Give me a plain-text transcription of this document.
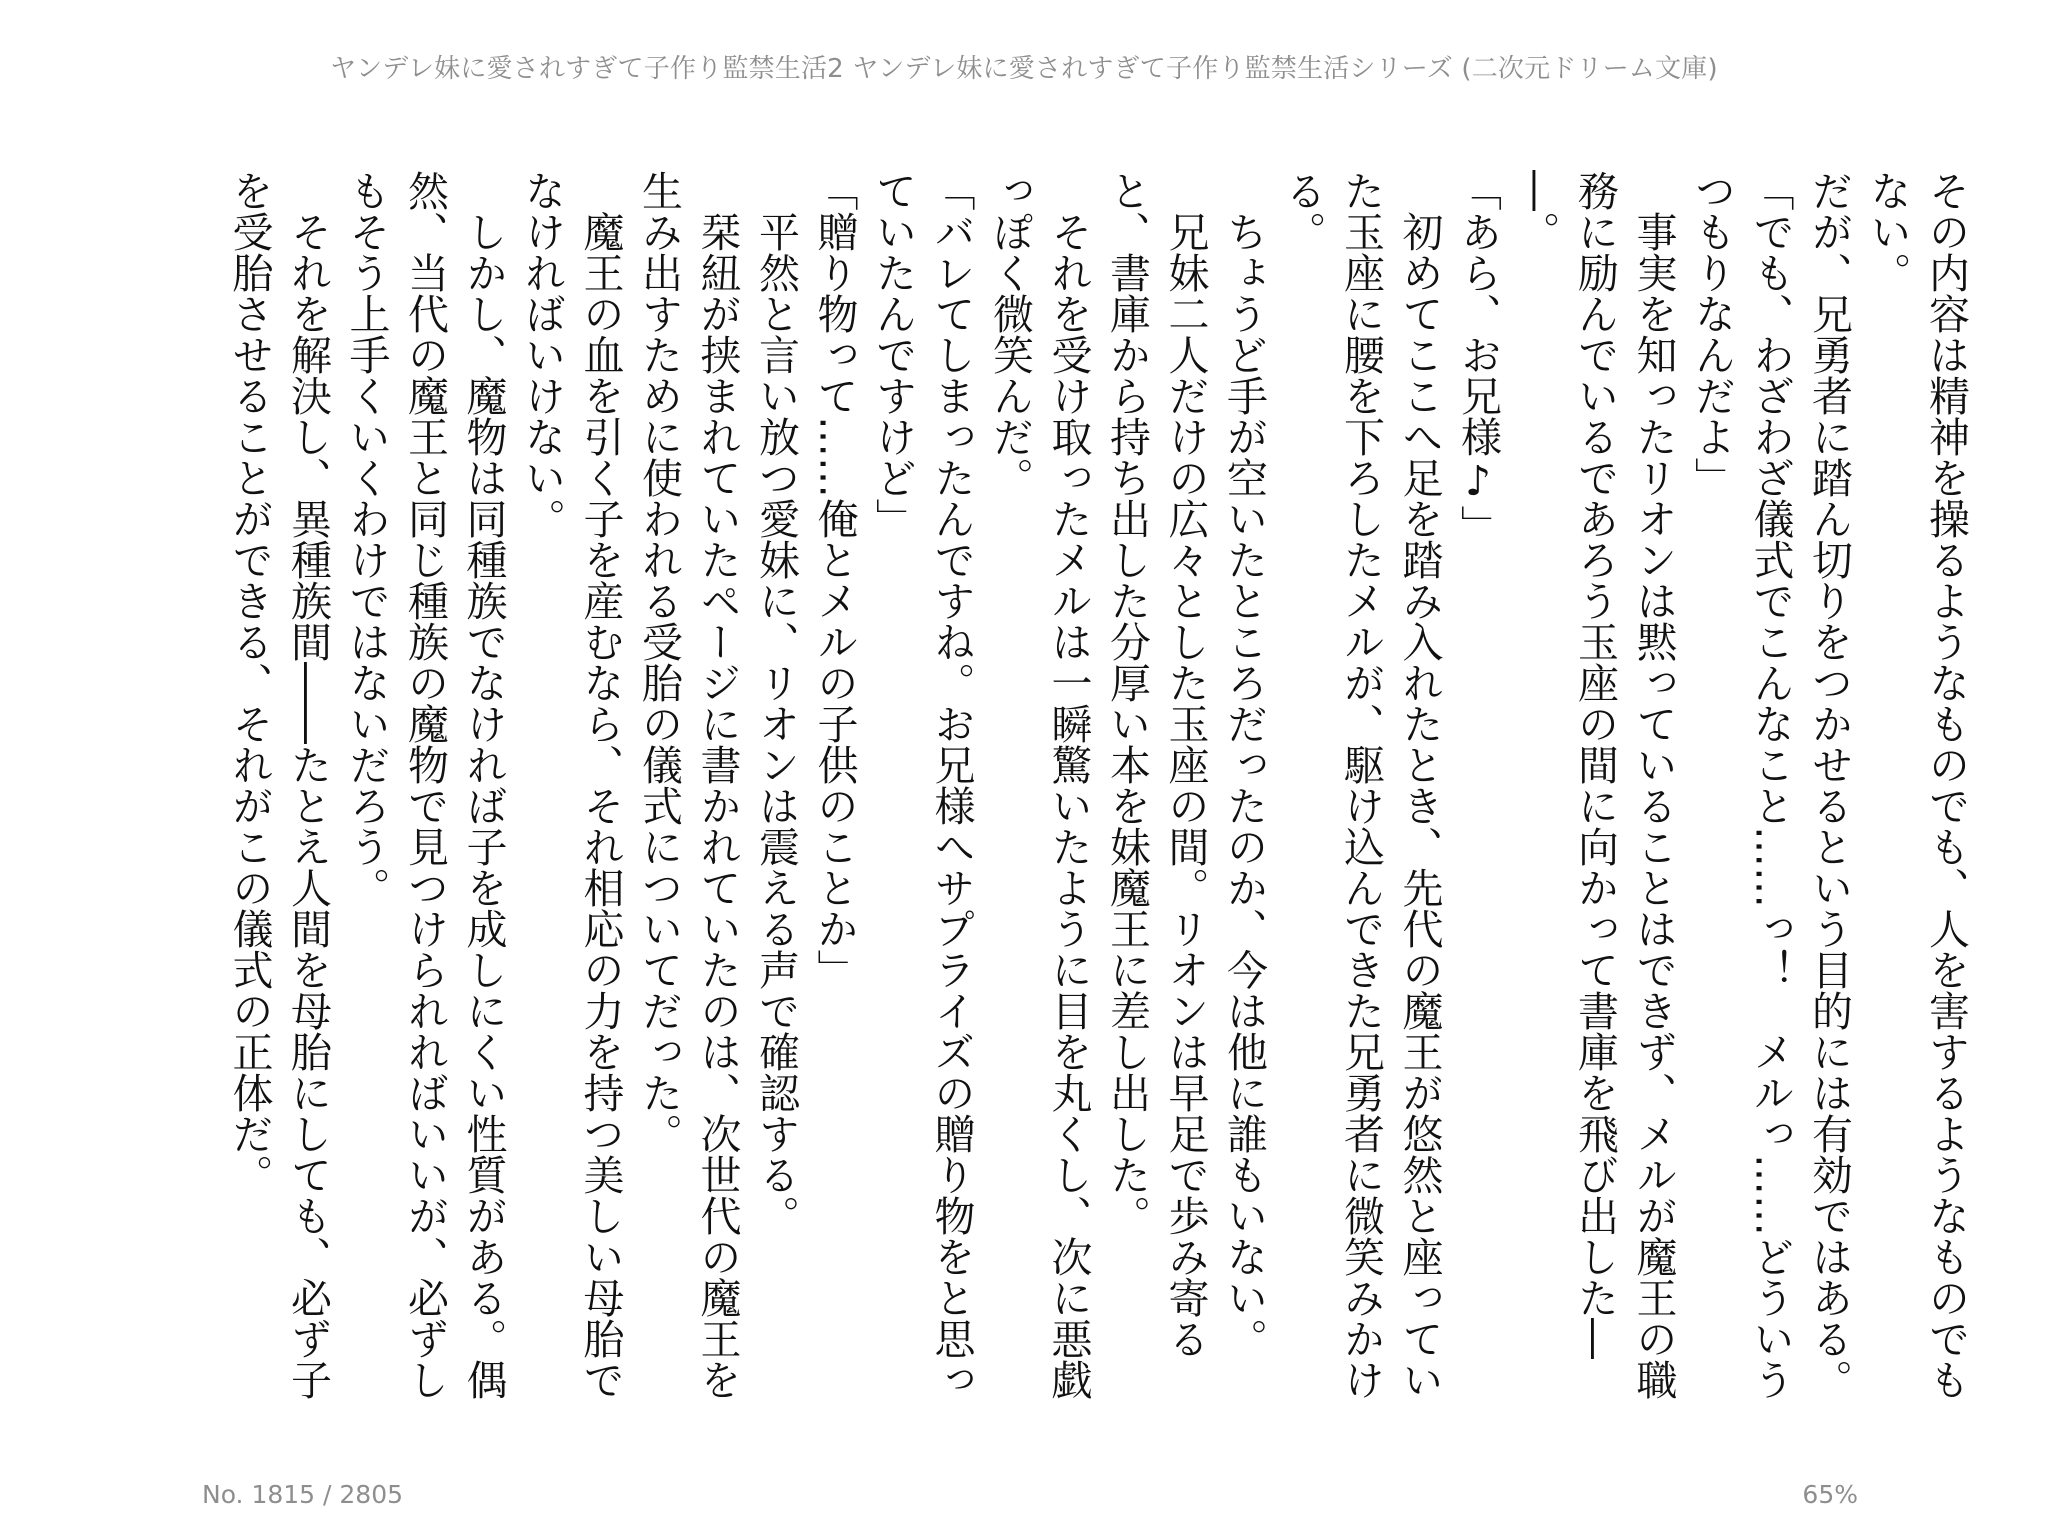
ヤンデレ妹に愛されすぎて子作り監禁生活2 ヤンデレ妹に愛されすぎて子作り監禁生活シリーズ (二次元ドリーム文庫)

その内容は精神を操るようなものでも、人を害するようなものでもない。

だが、兄勇者に踏ん切りをつかせるという目的には有効ではある。

「でも、わざわざ儀式でこんなこと……っ！　メルっ……どういうつもりなんだよ」

事実を知ったリオンは黙っていることはできず、メルが魔王の職務に励んでいるであろう玉座の間に向かって書庫を飛び出した――。

「あら、お兄様♪」

初めてここへ足を踏み入れたとき、先代の魔王が悠然と座っていた玉座に腰を下ろしたメルが、駆け込んできた兄勇者に微笑みかける。

ちょうど手が空いたところだったのか、今は他に誰もいない。

兄妹二人だけの広々とした玉座の間。リオンは早足で歩み寄ると、書庫から持ち出した分厚い本を妹魔王に差し出した。

それを受け取ったメルは一瞬驚いたように目を丸くし、次に悪戯っぽく微笑んだ。

「バレてしまったんですね。お兄様へサプライズの贈り物をと思っていたんですけど」

「贈り物って……俺とメルの子供のことか」

平然と言い放つ愛妹に、リオンは震える声で確認する。

栞紐が挟まれていたページに書かれていたのは、次世代の魔王を生み出すために使われる受胎の儀式についてだった。

魔王の血を引く子を産むなら、それ相応の力を持つ美しい母胎でなければいけない。

しかし、魔物は同種族でなければ子を成しにくい性質がある。偶然、当代の魔王と同じ種族の魔物で見つけられればいいが、必ずしもそう上手くいくわけではないだろう。

それを解決し、異種族間――たとえ人間を母胎にしても、必ず子を受胎させることができる、それがこの儀式の正体だ。

No. 1815 / 2805	65%
